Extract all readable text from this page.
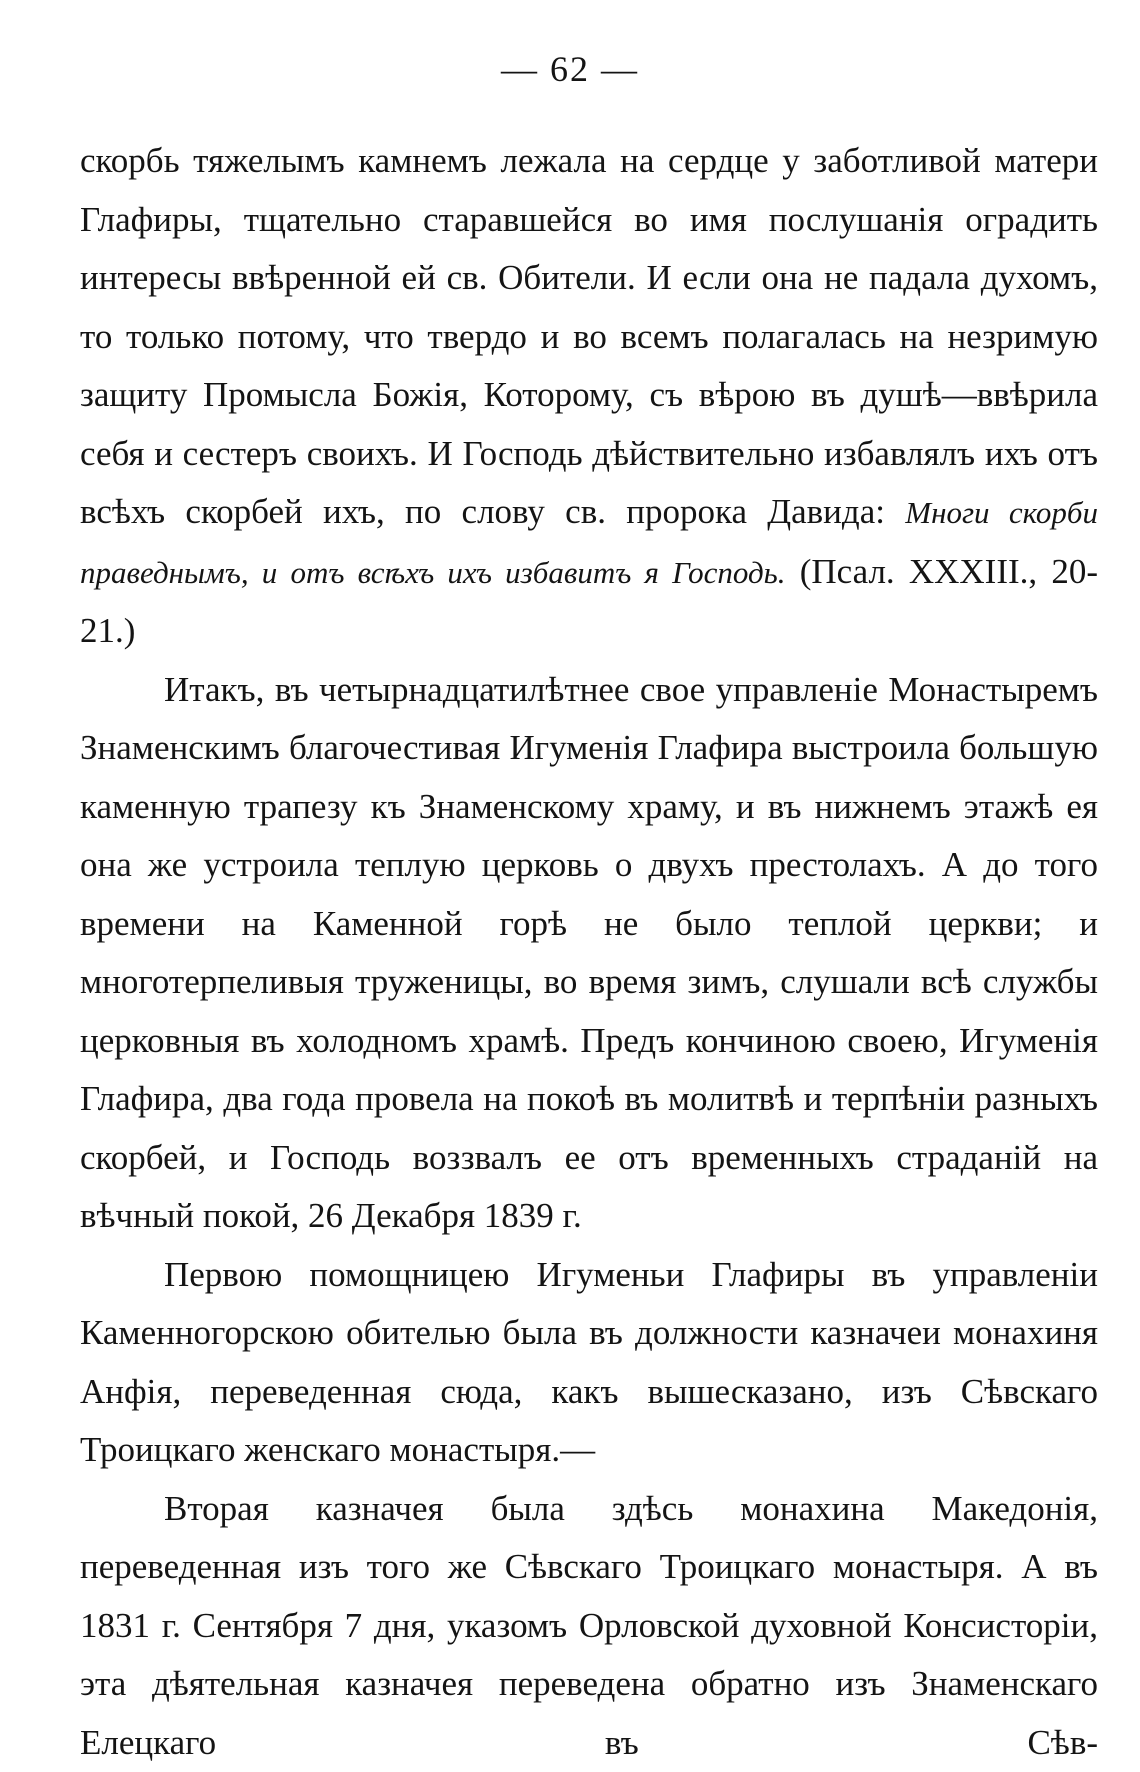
— 62 —

скорбь тяжелымъ камнемъ лежала на сердце у заботливой матери Глафиры, тщательно старавшейся во имя послушанія оградить интересы ввѣренной ей св. Обители. И если она не падала духомъ, то только потому, что твердо и во всемъ полагалась на незримую защиту Промысла Божія, Которому, съ вѣрою въ душѣ—ввѣрила себя и сестеръ своихъ. И Господь дѣйствительно избавлялъ ихъ отъ всѣхъ скорбей ихъ, по слову св. пророка Давида: Многи скорби праведнымъ, и отъ всѣхъ ихъ избавитъ я Господь. (Псал. XXXIII., 20-21.)

Итакъ, въ четырнадцатилѣтнее свое управленіе Монастыремъ Знаменскимъ благочестивая Игуменія Глафира выстроила большую каменную трапезу къ Знаменскому храму, и въ нижнемъ этажѣ ея она же устроила теплую церковь о двухъ престолахъ. А до того времени на Каменной горѣ не было теплой церкви; и многотерпеливыя труженицы, во время зимъ, слушали всѣ службы церковныя въ холодномъ храмѣ. Предъ кончиною своею, Игуменія Глафира, два года провела на покоѣ въ молитвѣ и терпѣніи разныхъ скорбей, и Господь воззвалъ ее отъ временныхъ страданій на вѣчный покой, 26 Декабря 1839 г.

Первою помощницею Игуменьи Глафиры въ управленіи Каменногорскою обителью была въ должности казначеи монахиня Анфія, переведенная сюда, какъ вышесказано, изъ Сѣвскаго Троицкаго женскаго монастыря.—

Вторая казначея была здѣсь монахина Македонія, переведенная изъ того же Сѣвскаго Троицкаго монастыря. А въ 1831 г. Сентября 7 дня, указомъ Орловской духовной Консисторіи, эта дѣятельная казначея переведена обратно изъ Знаменскаго Елецкаго въ Сѣв-
